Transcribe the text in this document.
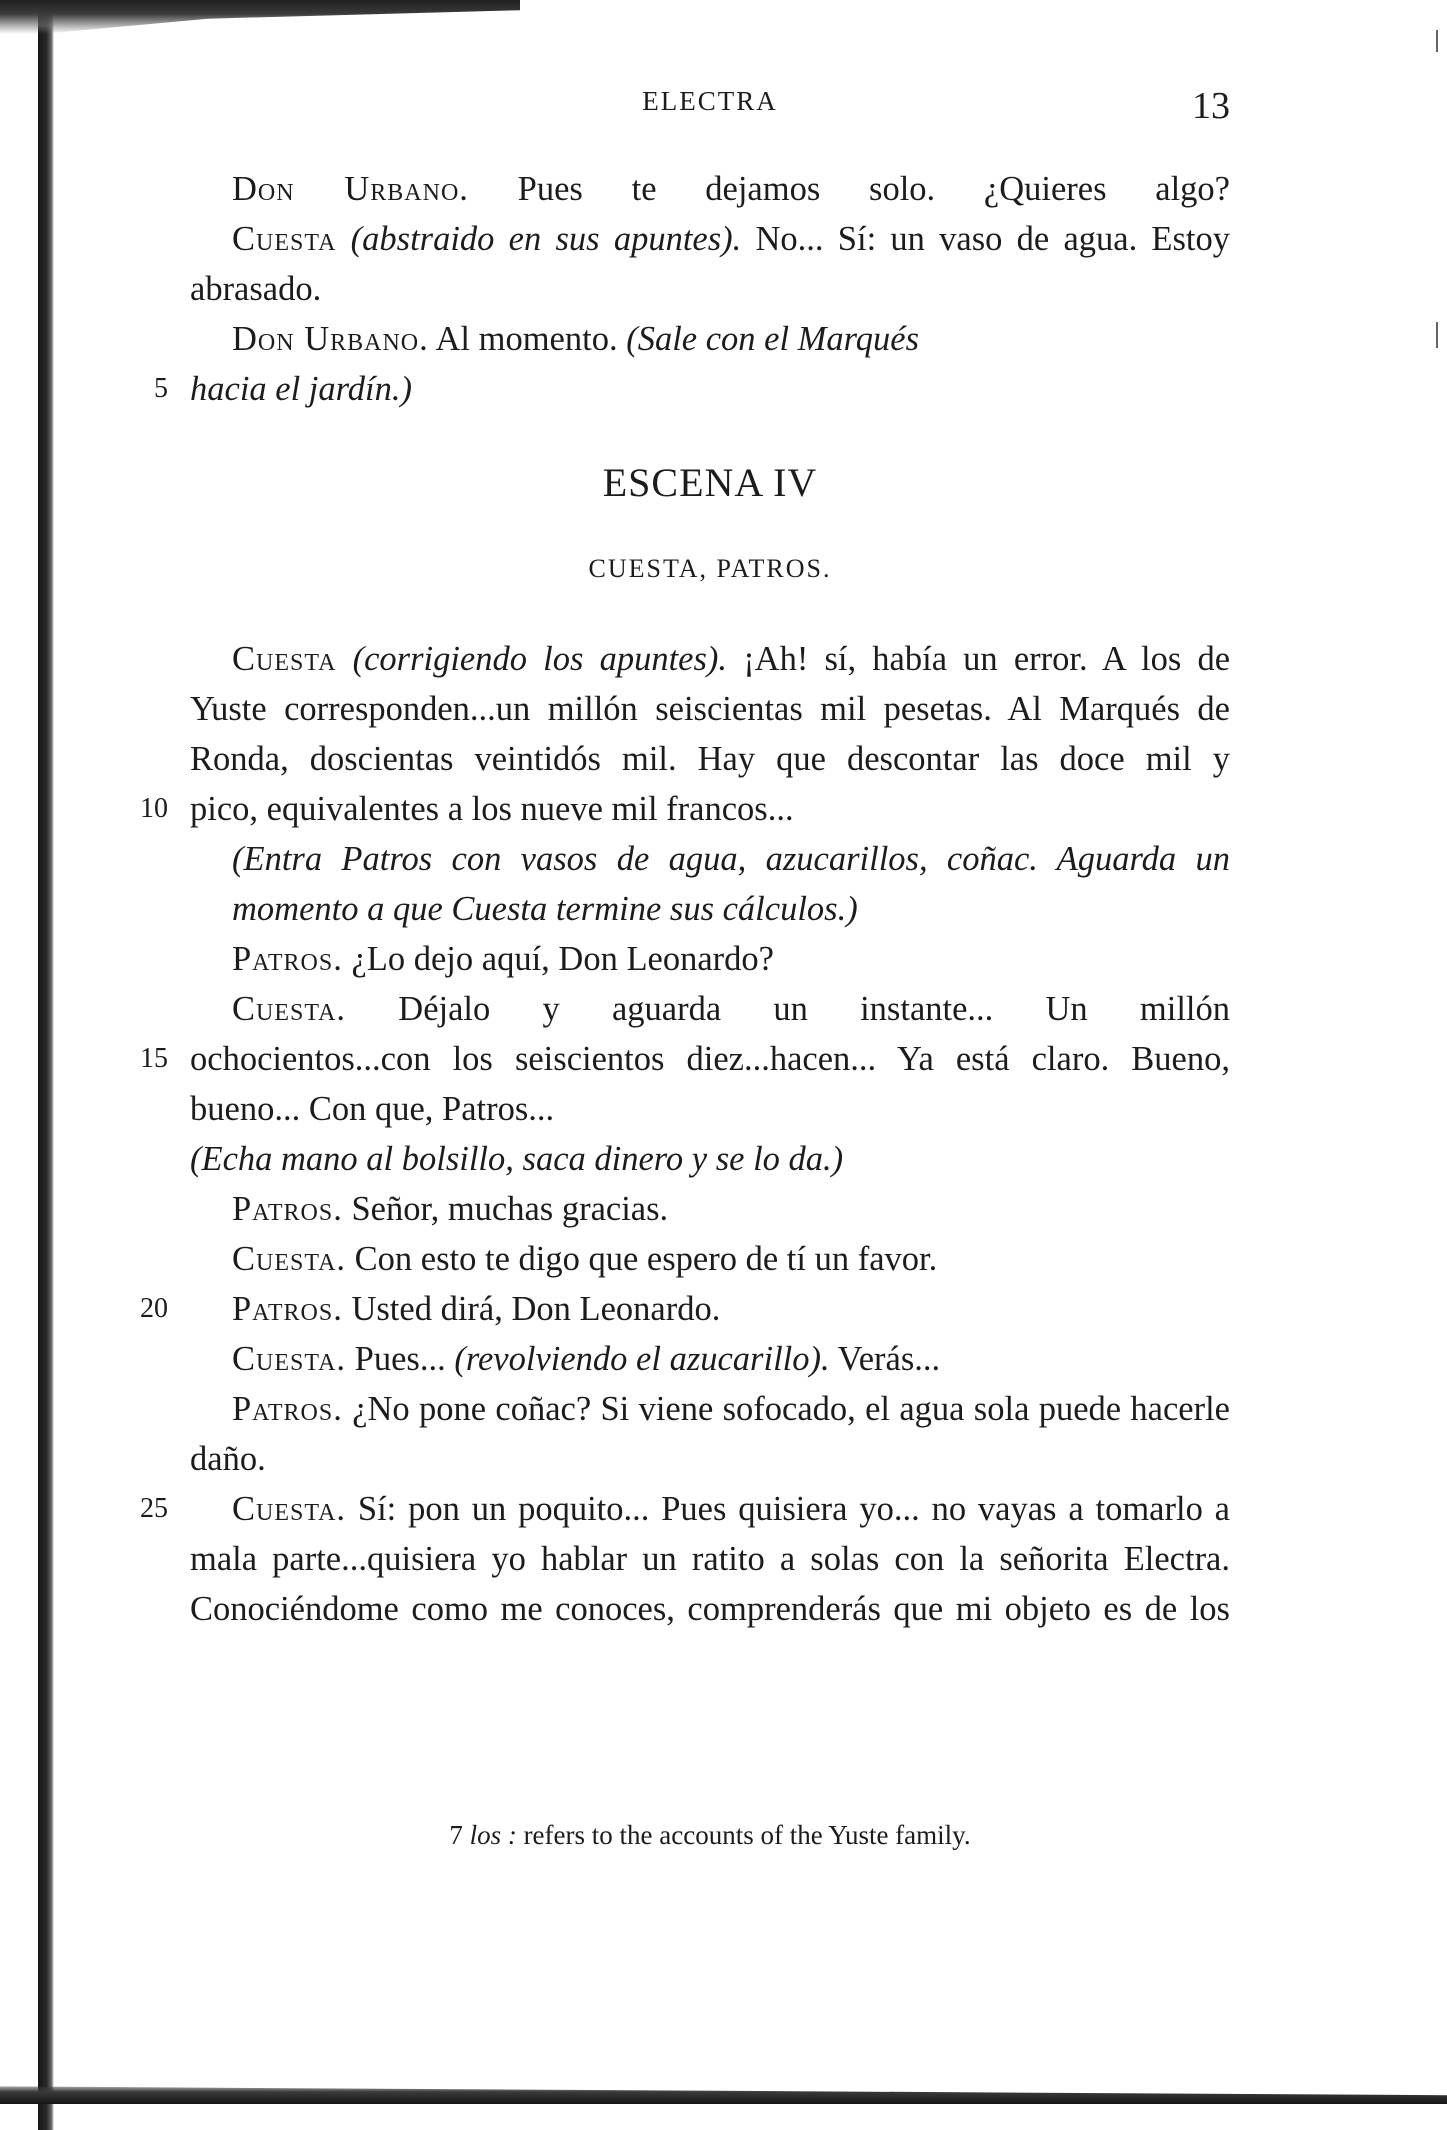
ELECTRA	13

Don Urbano. Pues te dejamos solo. ¿Quieres algo?

Cuesta (abstraido en sus apuntes). No... Sí: un vaso de agua. Estoy abrasado.

Don Urbano. Al momento. (Sale con el Marqués

5 hacia el jardín.)
ESCENA IV
CUESTA, PATROS.

Cuesta (corrigiendo los apuntes). ¡Ah! sí, había un error. A los de Yuste corresponden...un millón seiscientas mil pesetas. Al Marqués de Ronda, doscientas veintidós mil. Hay que descontar las doce mil y

10 pico, equivalentes a los nueve mil francos...

(Entra Patros con vasos de agua, azucarillos, coñac. Aguarda un momento a que Cuesta termine sus cálculos.)

Patros. ¿Lo dejo aquí, Don Leonardo?

Cuesta. Déjalo y aguarda un instante... Un millón

15 ochocientos...con los seiscientos diez...hacen... Ya está claro. Bueno, bueno... Con que, Patros...

(Echa mano al bolsillo, saca dinero y se lo da.)

Patros. Señor, muchas gracias.

Cuesta. Con esto te digo que espero de tí un favor.

20 Patros. Usted dirá, Don Leonardo.

Cuesta. Pues... (revolviendo el azucarillo). Verás...

Patros. ¿No pone coñac? Si viene sofocado, el agua sola puede hacerle daño.

25	Cuesta. Sí: pon un poquito... Pues quisiera yo... no vayas a tomarlo a mala parte...quisiera yo hablar un ratito a solas con la señorita Electra. Conociéndome como me conoces, comprenderás que mi objeto es de los

7 los : refers to the accounts of the Yuste family.
